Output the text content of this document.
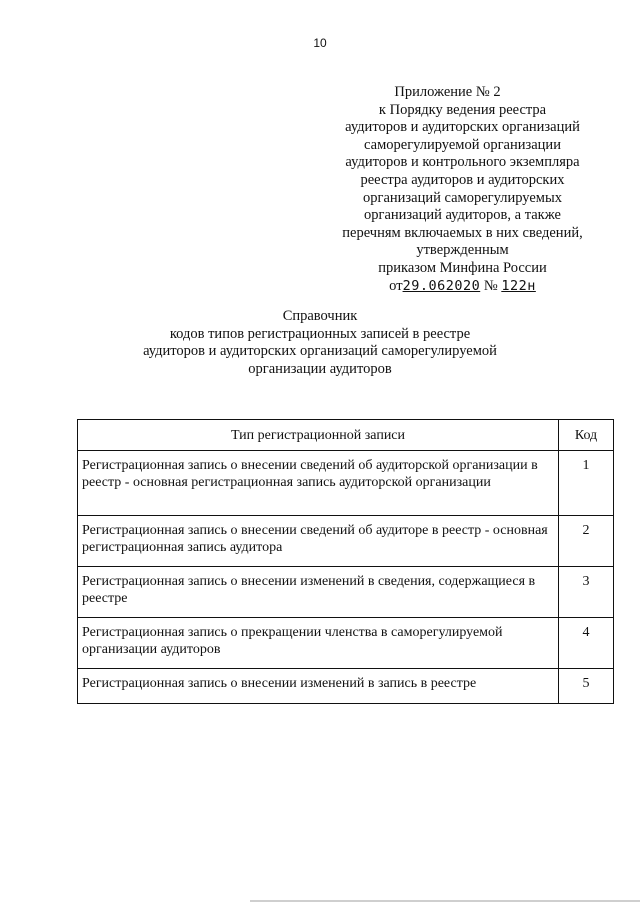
10
Приложение № 2
к Порядку ведения реестра
аудиторов и аудиторских организаций
саморегулируемой организации
аудиторов и контрольного экземпляра
реестра аудиторов и аудиторских
организаций саморегулируемых
организаций аудиторов, а также
перечням включаемых в них сведений,
утвержденным
приказом Минфина России
от29.062020 № 122н
Справочник
кодов типов регистрационных записей в реестре
аудиторов и аудиторских организаций саморегулируемой
организации аудиторов
Тип регистрационной записи	Код
Регистрационная запись о внесении сведений об аудиторской организации в реестр - основная регистрационная запись аудиторской организации	1
Регистрационная запись о внесении сведений об аудиторе в реестр - основная регистрационная запись аудитора	2
Регистрационная запись о внесении изменений в сведения, содержащиеся в реестре	3
Регистрационная запись о прекращении членства в саморегулируемой организации аудиторов	4
Регистрационная запись о внесении изменений в запись в реестре	5
